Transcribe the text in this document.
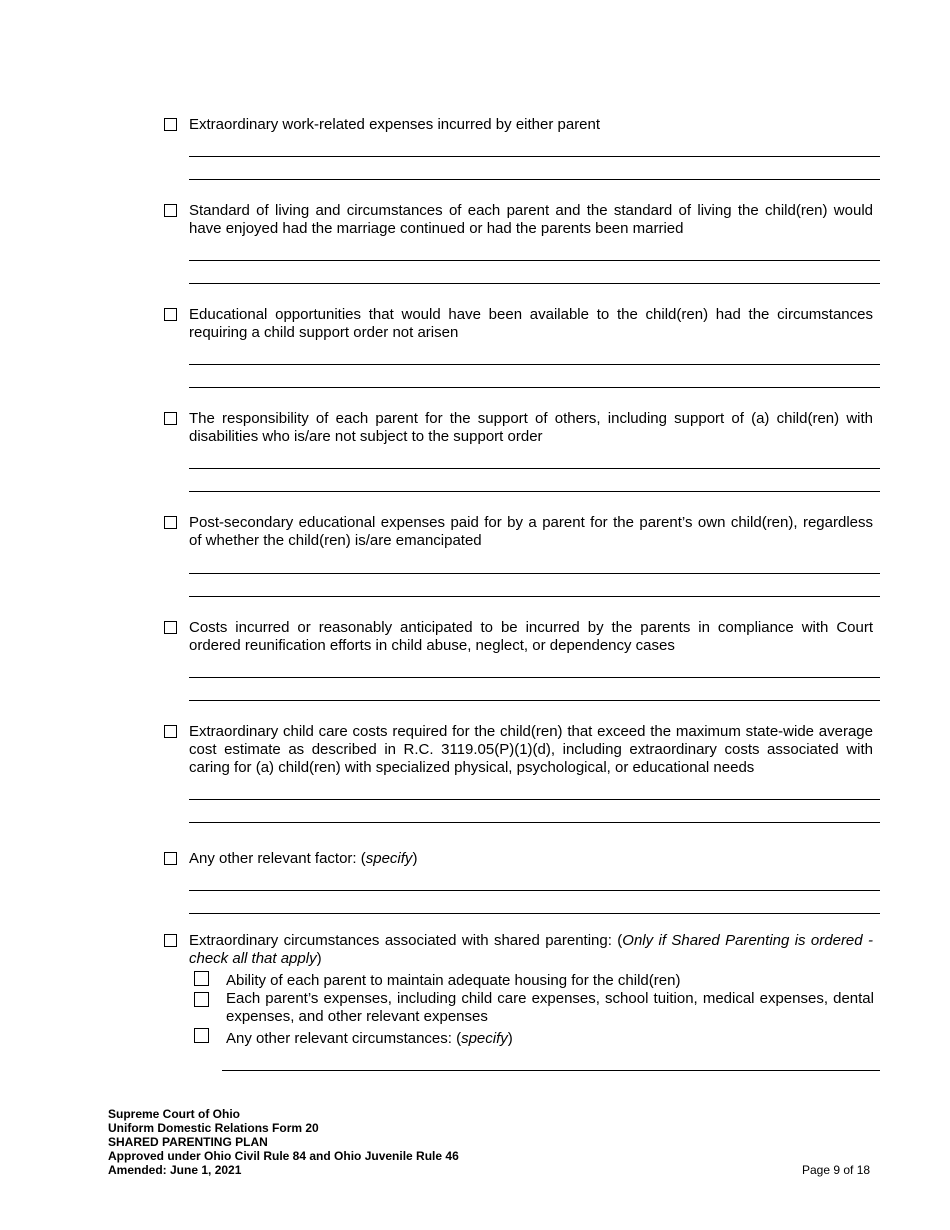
Extraordinary work-related expenses incurred by either parent
Standard of living and circumstances of each parent and the standard of living the child(ren) would have enjoyed had the marriage continued or had the parents been married
Educational opportunities that would have been available to the child(ren) had the circumstances requiring a child support order not arisen
The responsibility of each parent for the support of others, including support of (a) child(ren) with disabilities who is/are not subject to the support order
Post-secondary educational expenses paid for by a parent for the parent’s own child(ren), regardless of whether the child(ren) is/are emancipated
Costs incurred or reasonably anticipated to be incurred by the parents in compliance with Court ordered reunification efforts in child abuse, neglect, or dependency cases
Extraordinary child care costs required for the child(ren) that exceed the maximum state-wide average cost estimate as described in R.C. 3119.05(P)(1)(d), including extraordinary costs associated with caring for (a) child(ren) with specialized physical, psychological, or educational needs
Any other relevant factor: (specify)
Extraordinary circumstances associated with shared parenting: (Only if Shared Parenting is ordered - check all that apply)
Ability of each parent to maintain adequate housing for the child(ren)
Each parent’s expenses, including child care expenses, school tuition, medical expenses, dental expenses, and other relevant expenses
Any other relevant circumstances: (specify)
Supreme Court of Ohio
Uniform Domestic Relations Form 20
SHARED PARENTING PLAN
Approved under Ohio Civil Rule 84 and Ohio Juvenile Rule 46
Amended: June 1, 2021	Page 9 of 18
